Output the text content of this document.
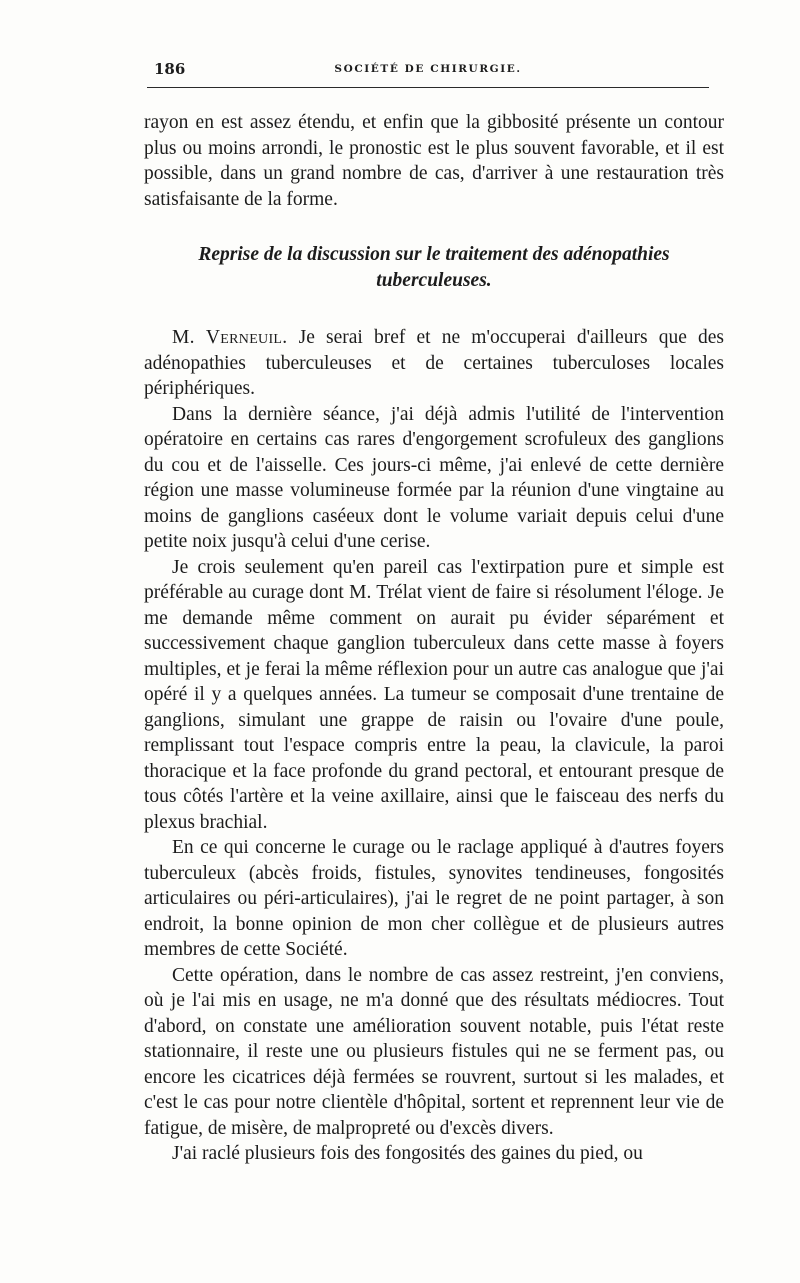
186	SOCIÉTÉ DE CHIRURGIE.

rayon en est assez étendu, et enfin que la gibbosité présente un contour plus ou moins arrondi, le pronostic est le plus souvent favorable, et il est possible, dans un grand nombre de cas, d'arriver à une restauration très satisfaisante de la forme.

Reprise de la discussion sur le traitement des adénopathies tuberculeuses.

M. Verneuil. Je serai bref et ne m'occuperai d'ailleurs que des adénopathies tuberculeuses et de certaines tuberculoses locales périphériques.

Dans la dernière séance, j'ai déjà admis l'utilité de l'intervention opératoire en certains cas rares d'engorgement scrofuleux des ganglions du cou et de l'aisselle. Ces jours-ci même, j'ai enlevé de cette dernière région une masse volumineuse formée par la réunion d'une vingtaine au moins de ganglions caséeux dont le volume variait depuis celui d'une petite noix jusqu'à celui d'une cerise.

Je crois seulement qu'en pareil cas l'extirpation pure et simple est préférable au curage dont M. Trélat vient de faire si résolument l'éloge. Je me demande même comment on aurait pu évider séparément et successivement chaque ganglion tuberculeux dans cette masse à foyers multiples, et je ferai la même réflexion pour un autre cas analogue que j'ai opéré il y a quelques années. La tumeur se composait d'une trentaine de ganglions, simulant une grappe de raisin ou l'ovaire d'une poule, remplissant tout l'espace compris entre la peau, la clavicule, la paroi thoracique et la face profonde du grand pectoral, et entourant presque de tous côtés l'artère et la veine axillaire, ainsi que le faisceau des nerfs du plexus brachial.

En ce qui concerne le curage ou le raclage appliqué à d'autres foyers tuberculeux (abcès froids, fistules, synovites tendineuses, fongosités articulaires ou péri-articulaires), j'ai le regret de ne point partager, à son endroit, la bonne opinion de mon cher collègue et de plusieurs autres membres de cette Société.

Cette opération, dans le nombre de cas assez restreint, j'en conviens, où je l'ai mis en usage, ne m'a donné que des résultats médiocres. Tout d'abord, on constate une amélioration souvent notable, puis l'état reste stationnaire, il reste une ou plusieurs fistules qui ne se ferment pas, ou encore les cicatrices déjà fermées se rouvrent, surtout si les malades, et c'est le cas pour notre clientèle d'hôpital, sortent et reprennent leur vie de fatigue, de misère, de malpropreté ou d'excès divers.

J'ai raclé plusieurs fois des fongosités des gaines du pied, ou
